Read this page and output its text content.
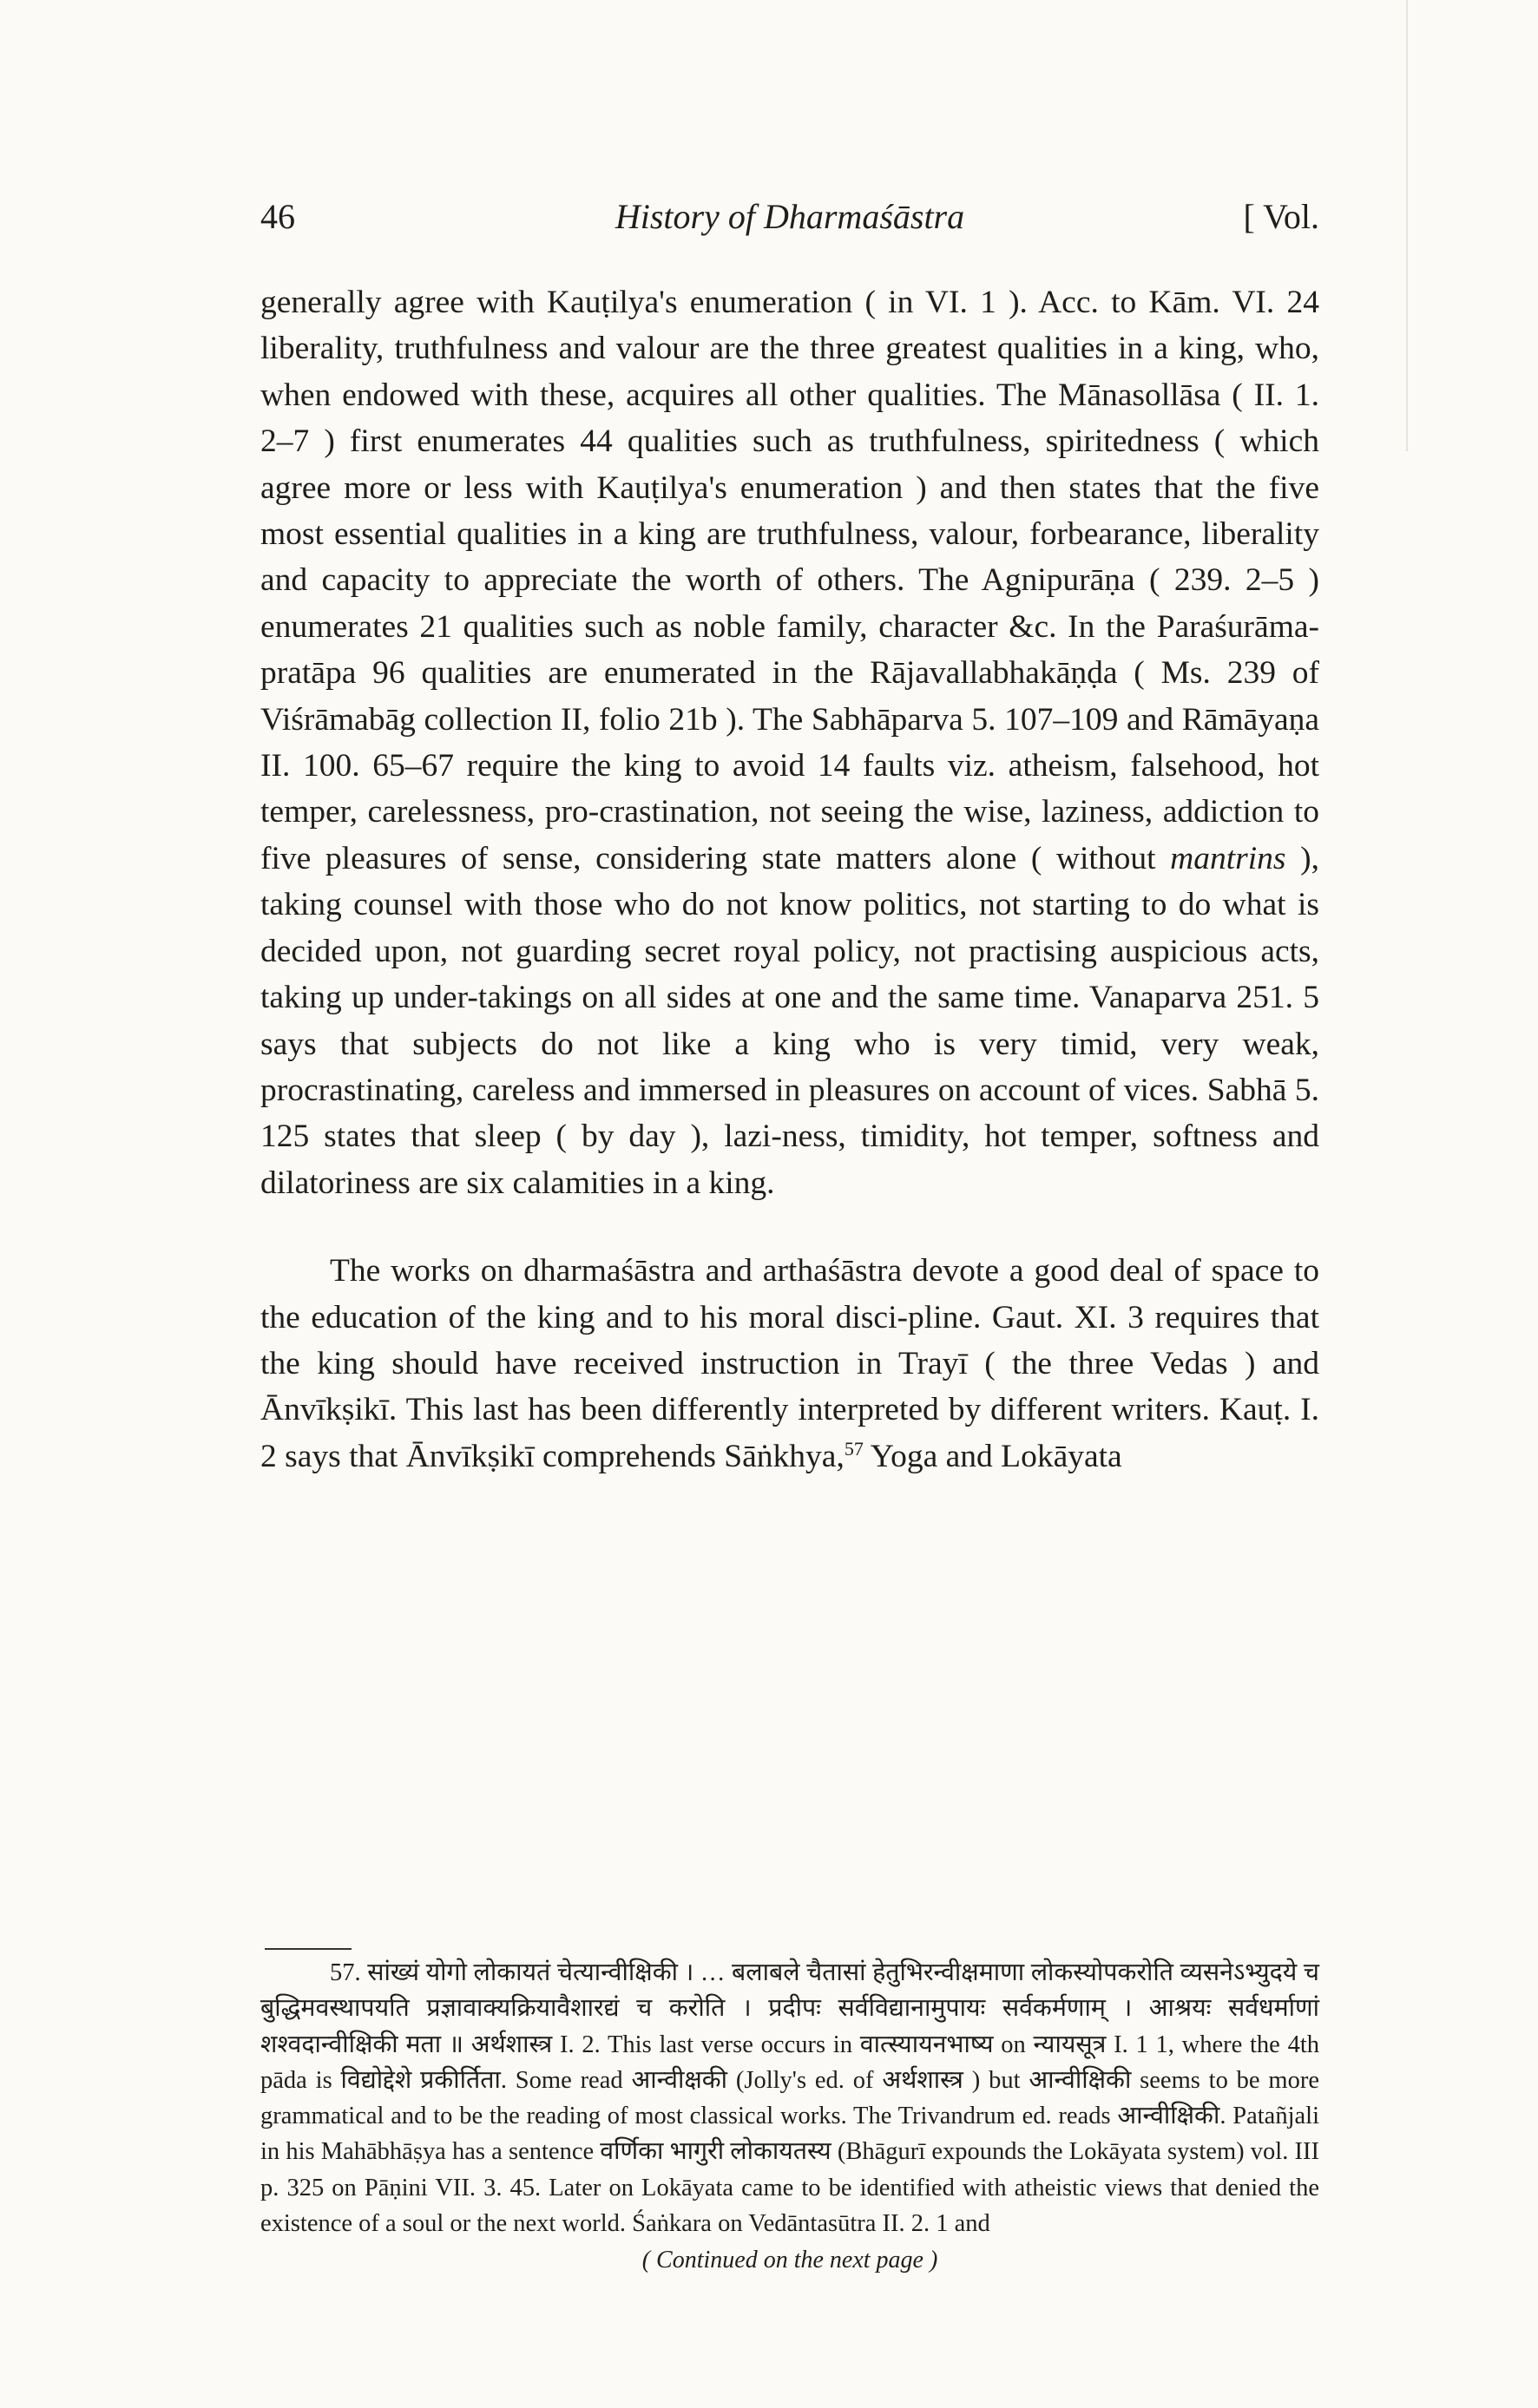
46	History of Dharmaśāstra	[ Vol.

generally agree with Kauṭilya's enumeration ( in VI. 1 ). Acc. to Kām. VI. 24 liberality, truthfulness and valour are the three greatest qualities in a king, who, when endowed with these, acquires all other qualities. The Mānasollāsa ( II. 1. 2–7 ) first enumerates 44 qualities such as truthfulness, spiritedness ( which agree more or less with Kauṭilya's enumeration ) and then states that the five most essential qualities in a king are truthfulness, valour, forbearance, liberality and capacity to appreciate the worth of others. The Agnipurāṇa ( 239. 2–5 ) enumerates 21 qualities such as noble family, character &c. In the Paraśurāma-pratāpa 96 qualities are enumerated in the Rājavallabhakāṇḍa ( Ms. 239 of Viśrāmabāg collection II, folio 21b ). The Sabhāparva 5. 107–109 and Rāmāyaṇa II. 100. 65–67 require the king to avoid 14 faults viz. atheism, falsehood, hot temper, carelessness, pro-crastination, not seeing the wise, laziness, addiction to five pleasures of sense, considering state matters alone ( without mantrins ), taking counsel with those who do not know politics, not starting to do what is decided upon, not guarding secret royal policy, not practising auspicious acts, taking up under-takings on all sides at one and the same time. Vanaparva 251. 5 says that subjects do not like a king who is very timid, very weak, procrastinating, careless and immersed in pleasures on account of vices. Sabhā 5. 125 states that sleep ( by day ), lazi-ness, timidity, hot temper, softness and dilatoriness are six calamities in a king.

The works on dharmaśāstra and arthaśāstra devote a good deal of space to the education of the king and to his moral disci-pline. Gaut. XI. 3 requires that the king should have received instruction in Trayī ( the three Vedas ) and Ānvīkṣikī. This last has been differently interpreted by different writers. Kauṭ. I. 2 says that Ānvīkṣikī comprehends Sāṅkhya,$^{57}$ Yoga and Lokāyata

57. सांख्यं योगो लोकायतं चेत्यान्वीक्षिकी । … बलाबले चैतासां हेतुभिरन्वीक्षमाणा लोकस्योपकरोति व्यसनेऽभ्युदये च बुद्धिमवस्थापयति प्रज्ञावाक्यक्रियावैशारद्यं च करोति । प्रदीपः सर्वविद्यानामुपायः सर्वकर्मणाम् । आश्रयः सर्वधर्माणां शश्वदान्वीक्षिकी मता ॥ अर्थशास्त्र I. 2. This last verse occurs in वात्स्यायनभाष्य on न्यायसूत्र I. 1 1, where the 4th pāda is विद्योद्देशे प्रकीर्तिता. Some read आन्वीक्षकी (Jolly's ed. of अर्थशास्त्र ) but आन्वीक्षिकी seems to be more grammatical and to be the reading of most classical works. The Trivandrum ed. reads आन्वीक्षिकी. Patañjali in his Mahābhāṣya has a sentence वर्णिका भागुरी लोकायतस्य (Bhāgurī expounds the Lokāyata system) vol. III p. 325 on Pāṇini VII. 3. 45. Later on Lokāyata came to be identified with atheistic views that denied the existence of a soul or the next world. Śaṅkara on Vedāntasūtra II. 2. 1 and

( Continued on the next page )
